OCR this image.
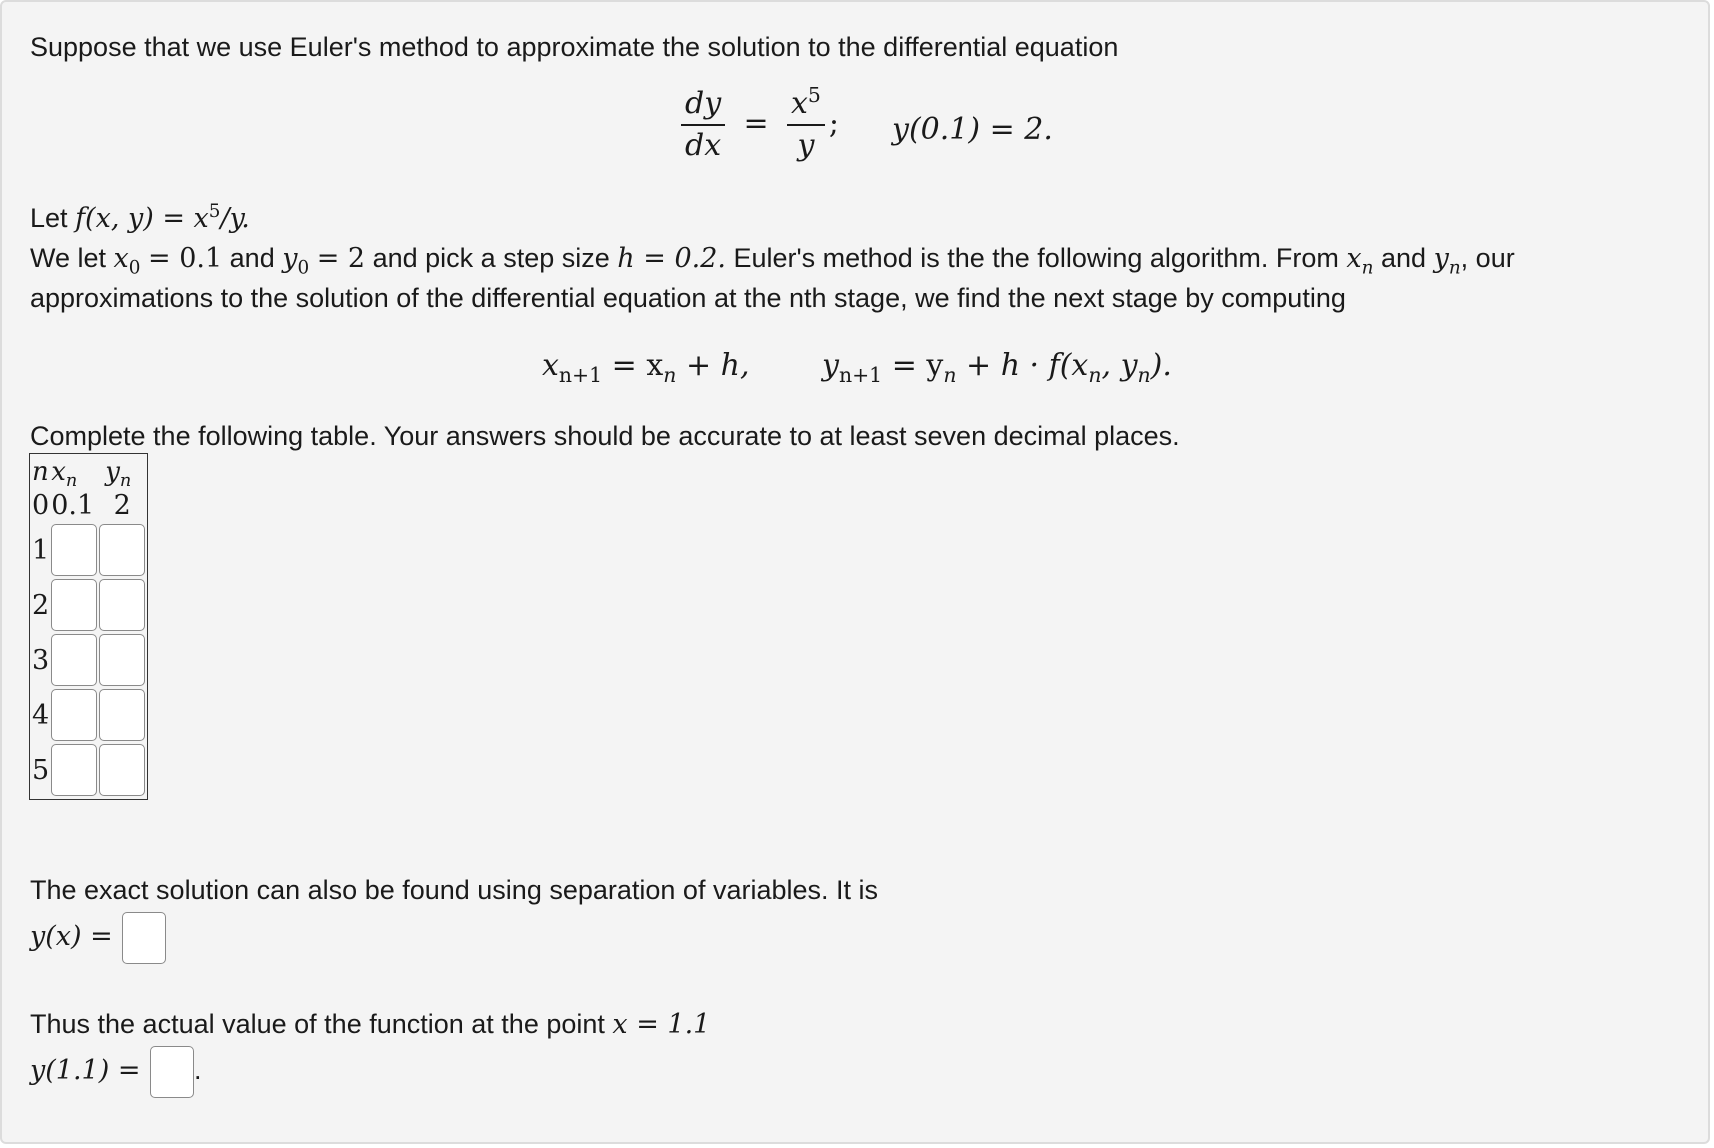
Suppose that we use Euler's method to approximate the solution to the differential equation
$\frac{dy}{dx} = \frac{x^5}{y}$ ; y(0.1) = 2.
Let f(x, $y) = x^5/y$.
We let $x_0 = 0.1$ and $y_0 = 2$ and pick a step size h = 0.2. Euler's method is the the following algorithm. From $x_n$ and $y_n$, our
approximations to the solution of the differential equation at the nth stage, we find the next stage by computing
$x_{n+1} = x_n + h$, $y_{n+1} = y_n + h \cdot f(x_n$, $y_n$).
Complete the following table. Your answers should be accurate to at least seven decimal places.
n	$x_n$	$y_n$
0	0.1	2
1		
2		
3		
4		
5		
The exact solution can also be found using separation of variables. It is
y(x) =
Thus the actual value of the function at the point x = 1.1
y(1.1) = .
